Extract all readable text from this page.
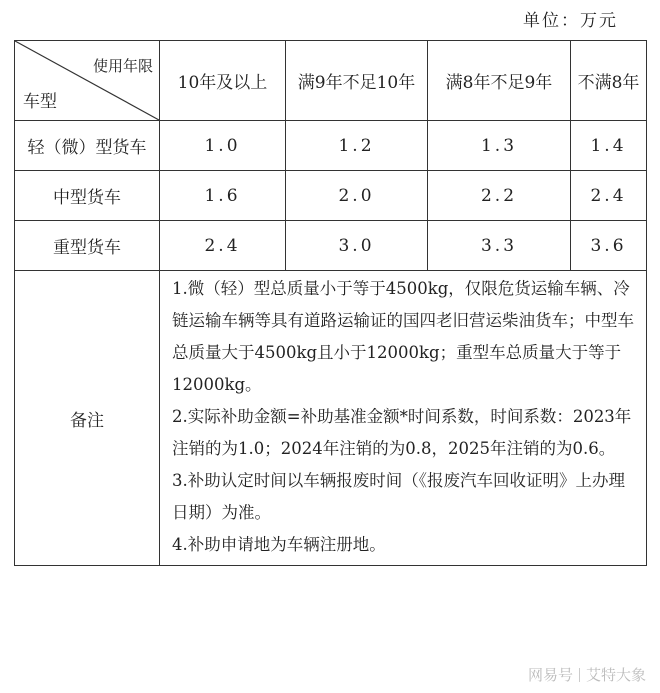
单位：万元
使用年限
车型	10年及以上	满9年不足10年	满8年不足9年	不满8年
轻（微）型货车	1.0	1.2	1.3	1.4
中型货车	1.6	2.0	2.2	2.4
重型货车	2.4	3.0	3.3	3.6
备注	1.微（轻）型总质量小于等于4500kg，仅限危货运输车辆、冷链运输车辆等具有道路运输证的国四老旧营运柴油货车；中型车总质量大于4500kg且小于12000kg；重型车总质量大于等于12000kg。

2.实际补助金额=补助基准金额*时间系数，时间系数：2023年注销的为1.0；2024年注销的为0.8，2025年注销的为0.6。

3.补助认定时间以车辆报废时间（《报废汽车回收证明》上办理日期）为准。

4.补助申请地为车辆注册地。			

网易号 艾特大象
